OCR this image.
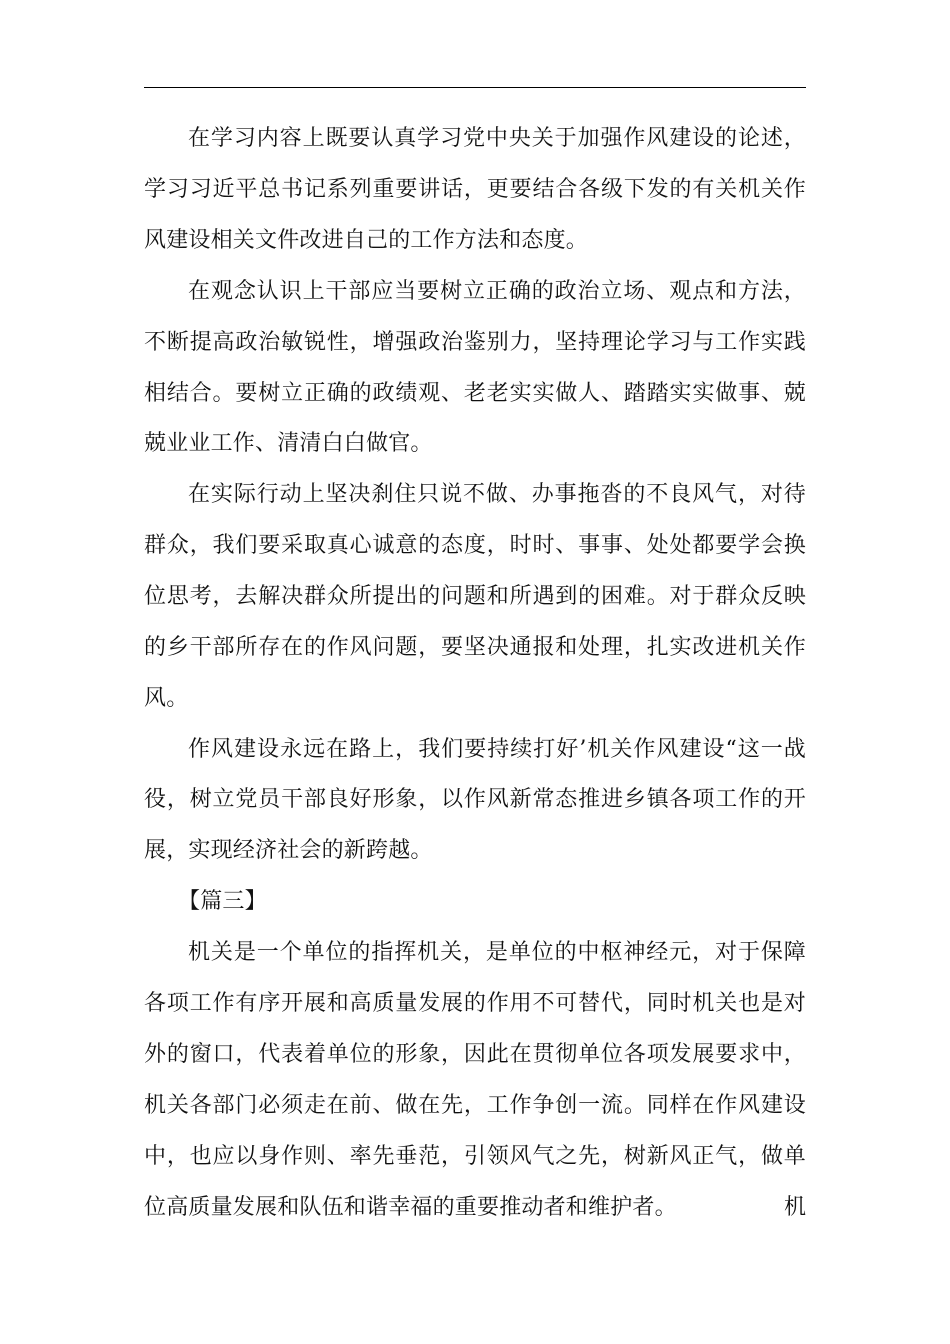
在学习内容上既要认真学习党中央关于加强作风建设的论述，
学习习近平总书记系列重要讲话，更要结合各级下发的有关机关作
风建设相关文件改进自己的工作方法和态度。
在观念认识上干部应当要树立正确的政治立场、观点和方法，
不断提高政治敏锐性，增强政治鉴别力，坚持理论学习与工作实践
相结合。要树立正确的政绩观、老老实实做人、踏踏实实做事、兢
兢业业工作、清清白白做官。
在实际行动上坚决刹住只说不做、办事拖沓的不良风气，对待
群众，我们要采取真心诚意的态度，时时、事事、处处都要学会换
位思考，去解决群众所提出的问题和所遇到的困难。对于群众反映
的乡干部所存在的作风问题，要坚决通报和处理，扎实改进机关作
风。
作风建设永远在路上，我们要持续打好’机关作风建设“这一战
役，树立党员干部良好形象，以作风新常态推进乡镇各项工作的开
展，实现经济社会的新跨越。
【篇三】
机关是一个单位的指挥机关，是单位的中枢神经元，对于保障
各项工作有序开展和高质量发展的作用不可替代，同时机关也是对
外的窗口，代表着单位的形象，因此在贯彻单位各项发展要求中，
机关各部门必须走在前、做在先，工作争创一流。同样在作风建设
中，也应以身作则、率先垂范，引领风气之先，树新风正气，做单
位高质量发展和队伍和谐幸福的重要推动者和维护者。	机
